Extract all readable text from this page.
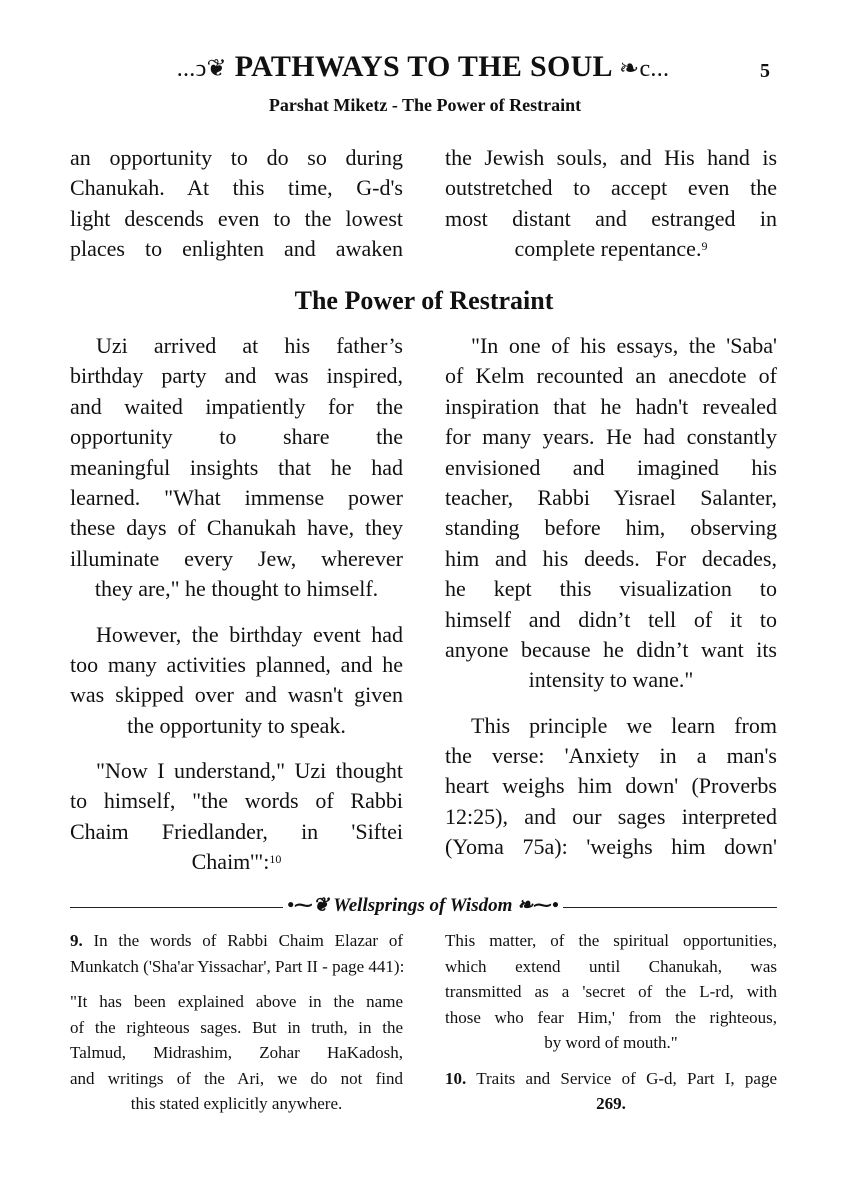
...ↄ❦ PATHWAYS TO THE SOUL ❧c...	5
Parshat Miketz - The Power of Restraint
an opportunity to do so during
Chanukah. At this time, G-d's
light descends even to the lowest
places to enlighten and awaken
the Jewish souls, and His hand is
outstretched to accept even the
most distant and estranged in
complete repentance.$^9$
The Power of Restraint
Uzi arrived at his father’s
birthday party and was inspired,
and waited impatiently for the
opportunity to share the
meaningful insights that he had
learned. "What immense power
these days of Chanukah have, they
illuminate every Jew, wherever
they are," he thought to himself.
However, the birthday event had
too many activities planned, and he
was skipped over and wasn't given
the opportunity to speak.
"Now I understand," Uzi thought
to himself, "the words of Rabbi
Chaim Friedlander, in 'Siftei
Chaim'":$^{10}$
"In one of his essays, the 'Saba'
of Kelm recounted an anecdote of
inspiration that he hadn't revealed
for many years. He had constantly
envisioned and imagined his
teacher, Rabbi Yisrael Salanter,
standing before him, observing
him and his deeds. For decades,
he kept this visualization to
himself and didn’t tell of it to
anyone because he didn’t want its
intensity to wane."
This principle we learn from
the verse: 'Anxiety in a man's
heart weighs him down' (Proverbs
12:25), and our sages interpreted
(Yoma 75a): 'weighs him down'
•⁓❦ Wellsprings of Wisdom ❧⁓•
9. In the words of Rabbi Chaim Elazar of
Munkatch ('Sha'ar Yissachar', Part II - page 441):
"It has been explained above in the name
of the righteous sages. But in truth, in the
Talmud, Midrashim, Zohar HaKadosh,
and writings of the Ari, we do not find
this stated explicitly anywhere.
This matter, of the spiritual opportunities,
which extend until Chanukah, was
transmitted as a 'secret of the L-rd, with
those who fear Him,' from the righteous,
by word of mouth."
10. Traits and Service of G-d, Part I, page
269.
